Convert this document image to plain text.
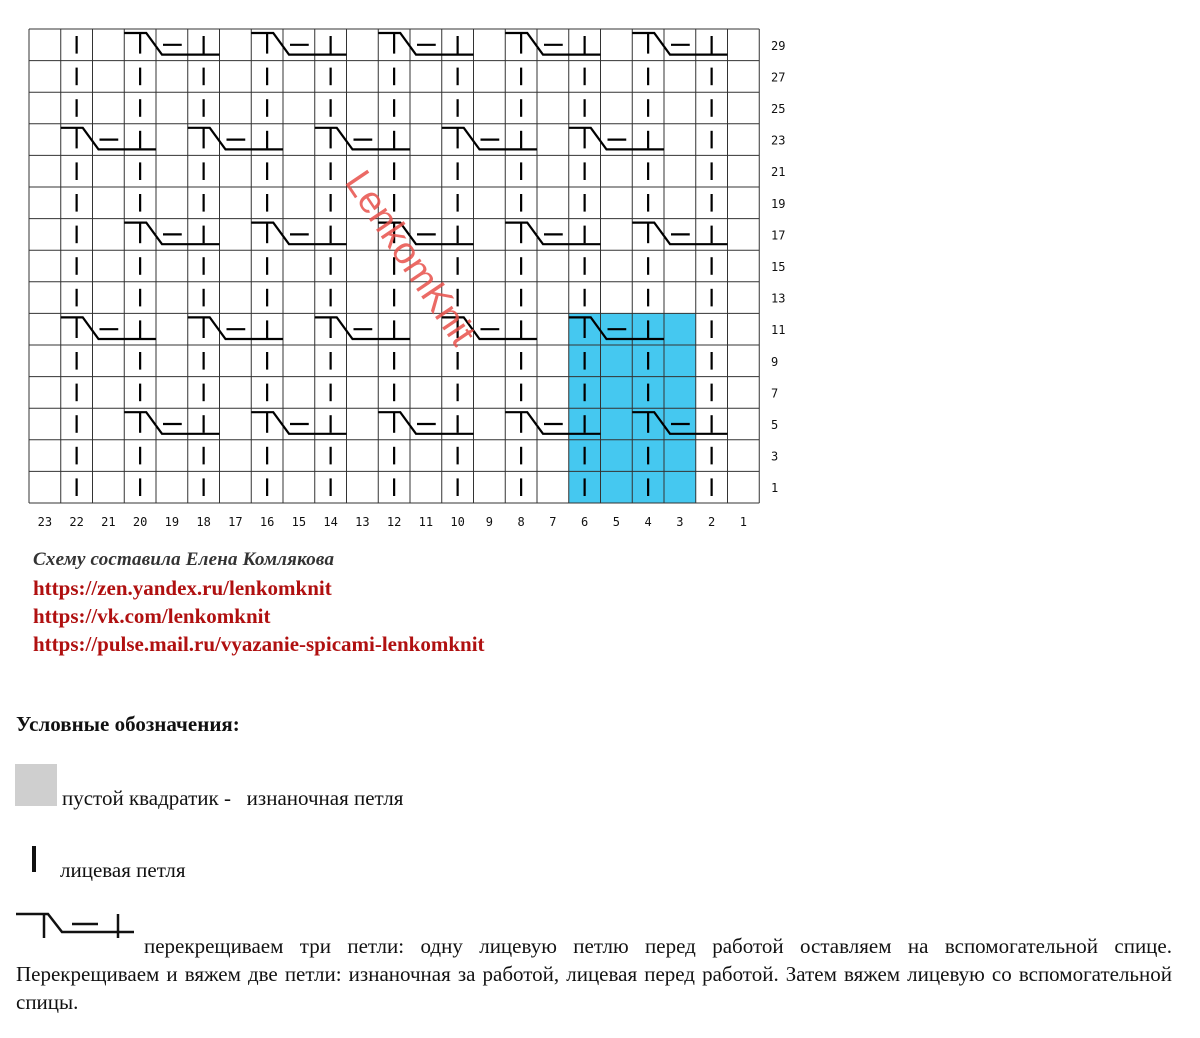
29
27
25
23
21
19
17
15
13
11
9
7
5
3
1
23 22 21 20 19 18 17 16 15 14 13 12 11 10 9 8 7 6 5 4 3 2 1
LenkomKnit
Схему составила Елена Комлякова
https://zen.yandex.ru/lenkomknit
https://vk.com/lenkomknit
https://pulse.mail.ru/vyazanie-spicami-lenkomknit
Условные обозначения:
пустой квадратик -   изнаночная петля
лицевая петля
перекрещиваем три петли: одну лицевую петлю перед работой оставляем на вспомогательной спице. Перекрещиваем и вяжем две петли: изнаночная за работой, лицевая перед работой. Затем вяжем лицевую со вспомогательной спицы.
